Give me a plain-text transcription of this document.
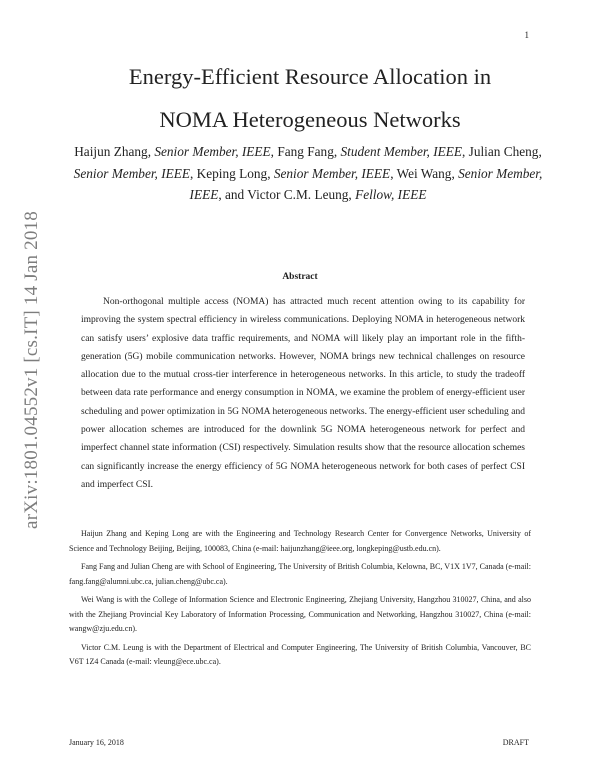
1
arXiv:1801.04552v1 [cs.IT] 14 Jan 2018
Energy-Efficient Resource Allocation in
NOMA Heterogeneous Networks

Haijun Zhang, Senior Member, IEEE, Fang Fang, Student Member, IEEE, Julian Cheng, Senior Member, IEEE, Keping Long, Senior Member, IEEE, Wei Wang, Senior Member, IEEE, and Victor C.M. Leung, Fellow, IEEE

Abstract

Non-orthogonal multiple access (NOMA) has attracted much recent attention owing to its capability for improving the system spectral efficiency in wireless communications. Deploying NOMA in heterogeneous network can satisfy users’ explosive data traffic requirements, and NOMA will likely play an important role in the fifth-generation (5G) mobile communication networks. However, NOMA brings new technical challenges on resource allocation due to the mutual cross-tier interference in heterogeneous networks. In this article, to study the tradeoff between data rate performance and energy consumption in NOMA, we examine the problem of energy-efficient user scheduling and power optimization in 5G NOMA heterogeneous networks. The energy-efficient user scheduling and power allocation schemes are introduced for the downlink 5G NOMA heterogeneous network for perfect and imperfect channel state information (CSI) respectively. Simulation results show that the resource allocation schemes can significantly increase the energy efficiency of 5G NOMA heterogeneous network for both cases of perfect CSI and imperfect CSI.

Haijun Zhang and Keping Long are with the Engineering and Technology Research Center for Convergence Networks, University of Science and Technology Beijing, Beijing, 100083, China (e-mail: haijunzhang@ieee.org, longkeping@ustb.edu.cn).

Fang Fang and Julian Cheng are with School of Engineering, The University of British Columbia, Kelowna, BC, V1X 1V7, Canada (e-mail: fang.fang@alumni.ubc.ca, julian.cheng@ubc.ca).

Wei Wang is with the College of Information Science and Electronic Engineering, Zhejiang University, Hangzhou 310027, China, and also with the Zhejiang Provincial Key Laboratory of Information Processing, Communication and Networking, Hangzhou 310027, China (e-mail: wangw@zju.edu.cn).

Victor C.M. Leung is with the Department of Electrical and Computer Engineering, The University of British Columbia, Vancouver, BC V6T 1Z4 Canada (e-mail: vleung@ece.ubc.ca).

January 16, 2018	DRAFT
